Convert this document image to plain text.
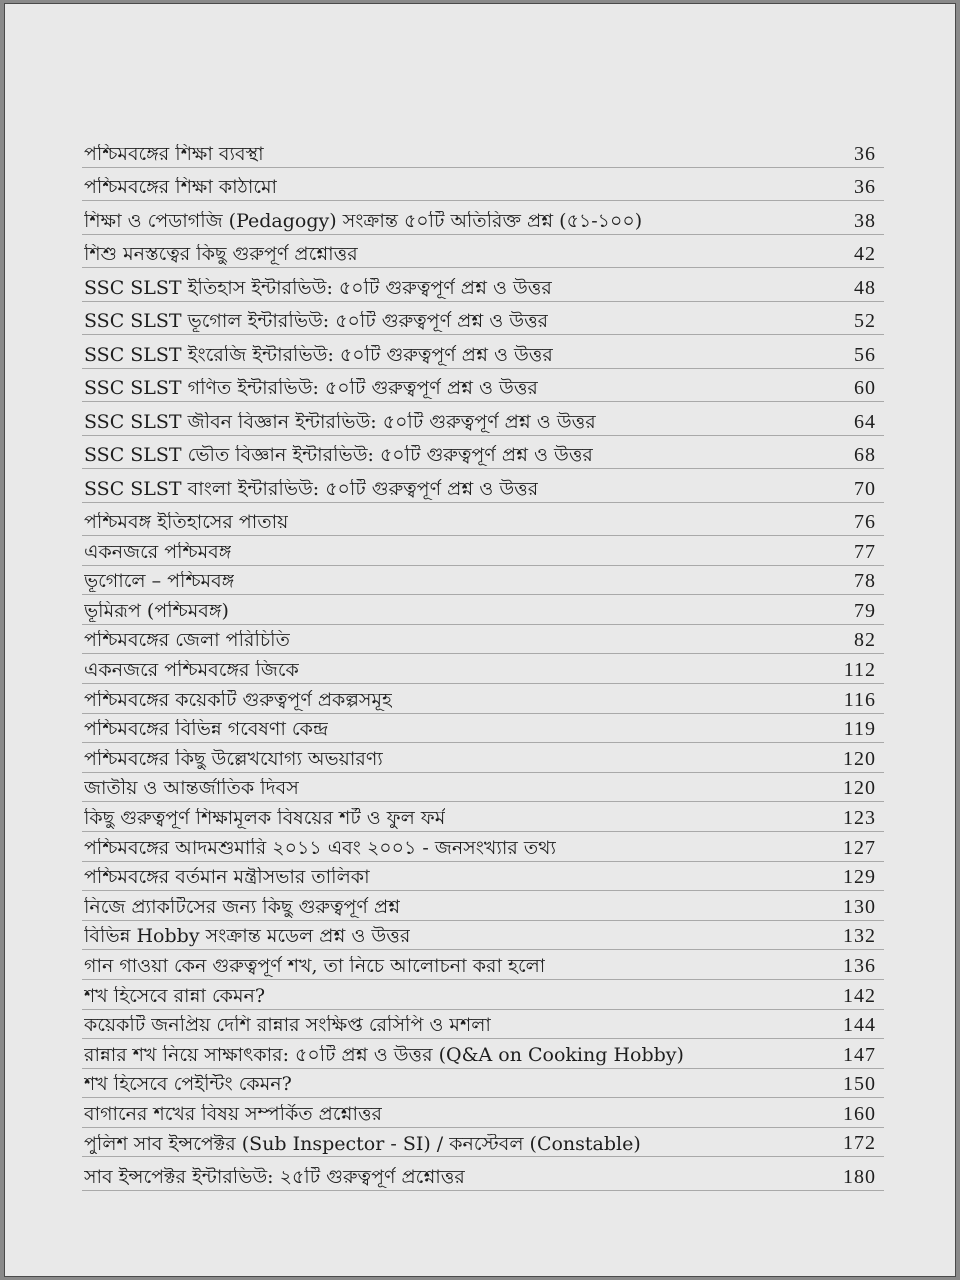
পশ্চিমবঙ্গের শিক্ষা ব্যবস্থা	36
পশ্চিমবঙ্গের শিক্ষা কাঠামো	36
শিক্ষা ও পেডাগজি (Pedagogy) সংক্রান্ত ৫০টি অতিরিক্ত প্রশ্ন (৫১-১০০)	38
শিশু মনস্তত্বের কিছু গুরুপূর্ণ প্রশ্নোত্তর	42
SSC SLST ইতিহাস ইন্টারভিউ: ৫০টি গুরুত্বপূর্ণ প্রশ্ন ও উত্তর	48
SSC SLST ভূগোল ইন্টারভিউ: ৫০টি গুরুত্বপূর্ণ প্রশ্ন ও উত্তর	52
SSC SLST ইংরেজি ইন্টারভিউ: ৫০টি গুরুত্বপূর্ণ প্রশ্ন ও উত্তর	56
SSC SLST গণিত ইন্টারভিউ: ৫০টি গুরুত্বপূর্ণ প্রশ্ন ও উত্তর	60
SSC SLST জীবন বিজ্ঞান ইন্টারভিউ: ৫০টি গুরুত্বপূর্ণ প্রশ্ন ও উত্তর	64
SSC SLST ভৌত বিজ্ঞান ইন্টারভিউ: ৫০টি গুরুত্বপূর্ণ প্রশ্ন ও উত্তর	68
SSC SLST বাংলা ইন্টারভিউ: ৫০টি গুরুত্বপূর্ণ প্রশ্ন ও উত্তর	70
পশ্চিমবঙ্গ ইতিহাসের পাতায়	76
একনজরে পশ্চিমবঙ্গ	77
ভূগোলে – পশ্চিমবঙ্গ	78
ভূমিরূপ (পশ্চিমবঙ্গ)	79
পশ্চিমবঙ্গের জেলা পরিচিতি	82
একনজরে পশ্চিমবঙ্গের জিকে	112
পশ্চিমবঙ্গের কয়েকটি গুরুত্বপূর্ণ প্রকল্পসমূহ	116
পশ্চিমবঙ্গের বিভিন্ন গবেষণা কেন্দ্র	119
পশ্চিমবঙ্গের কিছু উল্লেখযোগ্য অভয়ারণ্য	120
জাতীয় ও আন্তর্জাতিক দিবস	120
কিছু গুরুত্বপূর্ণ শিক্ষামূলক বিষয়ের শর্ট ও ফুল ফর্ম	123
পশ্চিমবঙ্গের আদমশুমারি ২০১১ এবং ২০০১ - জনসংখ্যার তথ্য	127
পশ্চিমবঙ্গের বর্তমান মন্ত্রীসভার তালিকা	129
নিজে প্র্যাকটিসের জন্য কিছু গুরুত্বপূর্ণ প্রশ্ন	130
বিভিন্ন Hobby সংক্রান্ত মডেল প্রশ্ন ও উত্তর	132
গান গাওয়া কেন গুরুত্বপূর্ণ শখ, তা নিচে আলোচনা করা হলো	136
শখ হিসেবে রান্না কেমন?	142
কয়েকটি জনপ্রিয় দেশি রান্নার সংক্ষিপ্ত রেসিপি ও মশলা	144
রান্নার শখ নিয়ে সাক্ষাৎকার: ৫০টি প্রশ্ন ও উত্তর (Q&A on Cooking Hobby)	147
শখ হিসেবে পেইন্টিং কেমন?	150
বাগানের শখের বিষয় সম্পর্কিত প্রশ্নোত্তর	160
পুলিশ সাব ইন্সপেক্টর (Sub Inspector - SI) / কনস্টেবল (Constable)	172
সাব ইন্সপেক্টর ইন্টারভিউ: ২৫টি গুরুত্বপূর্ণ প্রশ্নোত্তর	180
